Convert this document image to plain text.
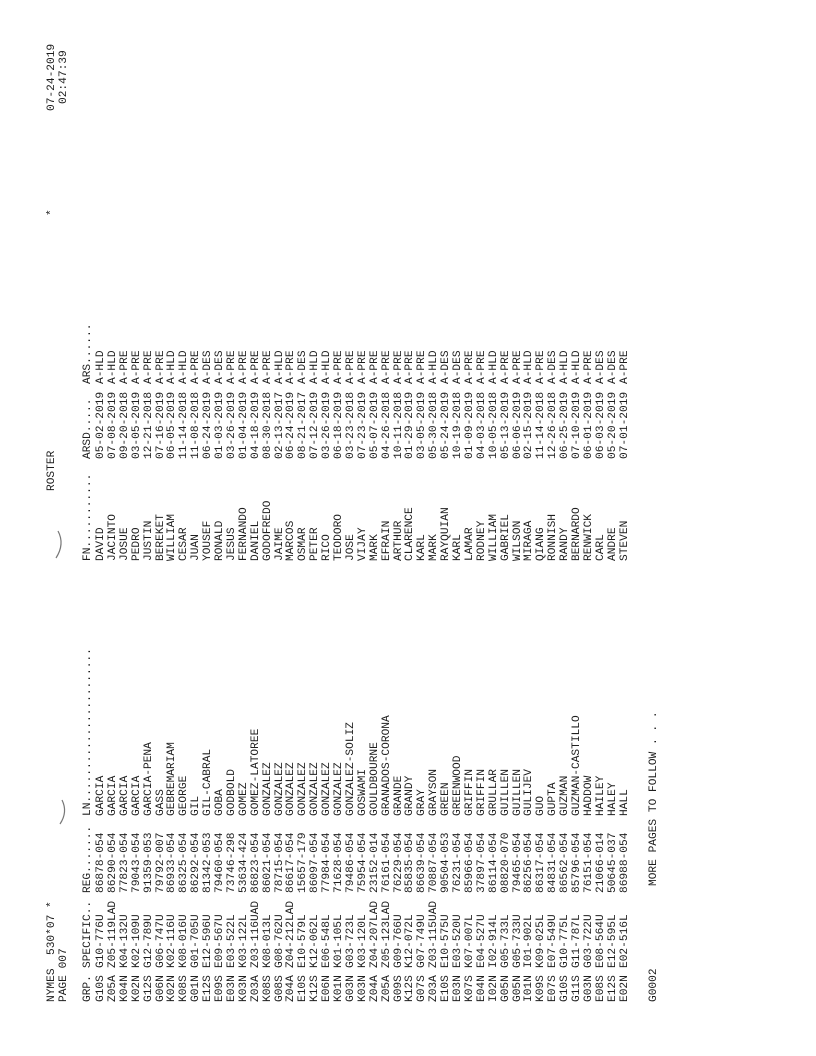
NYMES  530*07 * PAGE 007
ROSTER
*
07-24-2019 02:47:39
GRP.
SPECIFIC..
REG.......
LN.......................
FN...........
ARSD.....
ARS......
G10S
G10-776U
86878-054
GARCIA
DAVID
05-02-2019
A-HLD
Z05A
Z05-119LAD
86290-054
GARCIA
JACINTO
07-08-2019
A-HLD
K04N
K04-132U
77823-054
GARCIA
JOSUE
09-20-2018
A-PRE
K02N
K02-109U
79043-054
GARCIA
PEDRO
03-05-2019
A-PRE
G12S
G12-789U
91359-053
GARCIA-PENA
JUSTIN
12-21-2018
A-PRE
G06N
G06-747U
79792-007
GASS
BEREKET
07-16-2019
A-PRE
K02N
K02-116U
86933-054
GEBREMARIAM
WILLIAM
06-05-2019
A-HLD
K08S
K08-016U
86325-054
GEORGE
CESAR
11-14-2018
A-HLD
G01N
G01-705U
86292-054
GIL
JUAN
11-08-2018
A-PRE
E12S
E12-596U
81342-053
GIL-CABRAL
YOUSEF
06-24-2019
A-DES
E09S
E09-567U
79460-054
GOBA
RONALD
01-03-2019
A-DES
E03N
E03-522L
73746-298
GODBOLD
JESUS
03-26-2019
A-PRE
K03N
K03-122L
53634-424
GOMEZ
FERNANDO
01-04-2019
A-PRE
Z03A
Z03-116UAD
86823-054
GOMEZ-LATOREE
DANIEL
04-18-2019
A-PRE
K08S
K08-013L
86021-054
GONZALEZ
GODOFREDO
08-30-2018
A-PRE
G08S
G08-762U
78715-054
GONZALEZ
JAIME
02-13-2017
A-HLD
Z04A
Z04-212LAD
86617-054
GONZALEZ
MARCOS
06-24-2019
A-PRE
E10S
E10-579L
15657-179
GONZALEZ
OSMAR
08-21-2017
A-DES
K12S
K12-062L
86097-054
GONZALEZ
PETER
07-12-2019
A-HLD
E06N
E06-548L
77984-054
GONZALEZ
RICO
03-26-2019
A-HLD
K01N
K01-105L
71628-054
GONZALEZ
TEODORO
06-18-2019
A-PRE
G03N
G03-723L
79486-054
GONZALEZ-SOLIZ
JOSE
03-23-2018
A-PRE
K03N
K03-120L
75954-054
GOSWAMI
VIJAY
07-23-2019
A-PRE
Z04A
Z04-207LAD
23152-014
GOULDBOURNE
MARK
05-07-2019
A-PRE
Z05A
Z05-123LAD
76161-054
GRANADOS-CORONA
EFRAIN
04-26-2018
A-PRE
G09S
G09-766U
76229-054
GRANDE
ARTHUR
10-11-2018
A-PRE
K12S
K12-072L
85835-054
GRANDY
CLARENCE
01-29-2019
A-PRE
G07S
G07-749U
86639-054
GRAY
KARL
03-05-2019
A-PRE
Z03A
Z03-115UAD
70887-054
GRAYSON
MARK
05-30-2018
A-HLD
E10S
E10-575U
90504-053
GREEN
RAYQUIAN
05-24-2019
A-DES
E03N
E03-520U
76231-054
GREENWOOD
KARL
10-19-2018
A-DES
K07S
K07-007L
85966-054
GRIFFIN
LAMAR
01-09-2019
A-PRE
E04N
E04-527U
37897-054
GRIFFIN
RODNEY
04-03-2018
A-PRE
I02N
I02-914L
86114-054
GRULLAR
WILLIAM
10-05-2018
A-HLD
G05N
G05-733L
08820-070
GUILLEN
GABRIEL
05-13-2019
A-PRE
G05N
G05-733U
79465-054
GUILLEN
WILSON
06-06-2019
A-PRE
I01N
I01-902L
86256-054
GULIJEV
MIRAGA
02-15-2019
A-HLD
K09S
K09-025L
86317-054
GUO
QIANG
11-14-2018
A-PRE
E07S
E07-549U
84831-054
GUPTA
RONNISH
12-26-2018
A-DES
G10S
G10-775L
86562-054
GUZMAN
RANDY
06-25-2019
A-HLD
G11S
G11-787L
85796-054
GUZMAN-CASTILLO
BERNARDO
07-10-2019
A-HLD
G03N
G03-722U
76151-054
HADDOW
RENWICK
06-01-2019
A-PRE
E08S
E08-564U
21066-014
HAILEY
CARL
06-03-2019
A-DES
E12S
E12-595L
50645-037
HALEY
ANDRE
05-20-2019
A-DES
E02N
E02-516L
86988-054
HALL
STEVEN
07-01-2019
A-PRE
G0002
MORE PAGES TO FOLLOW . . .
